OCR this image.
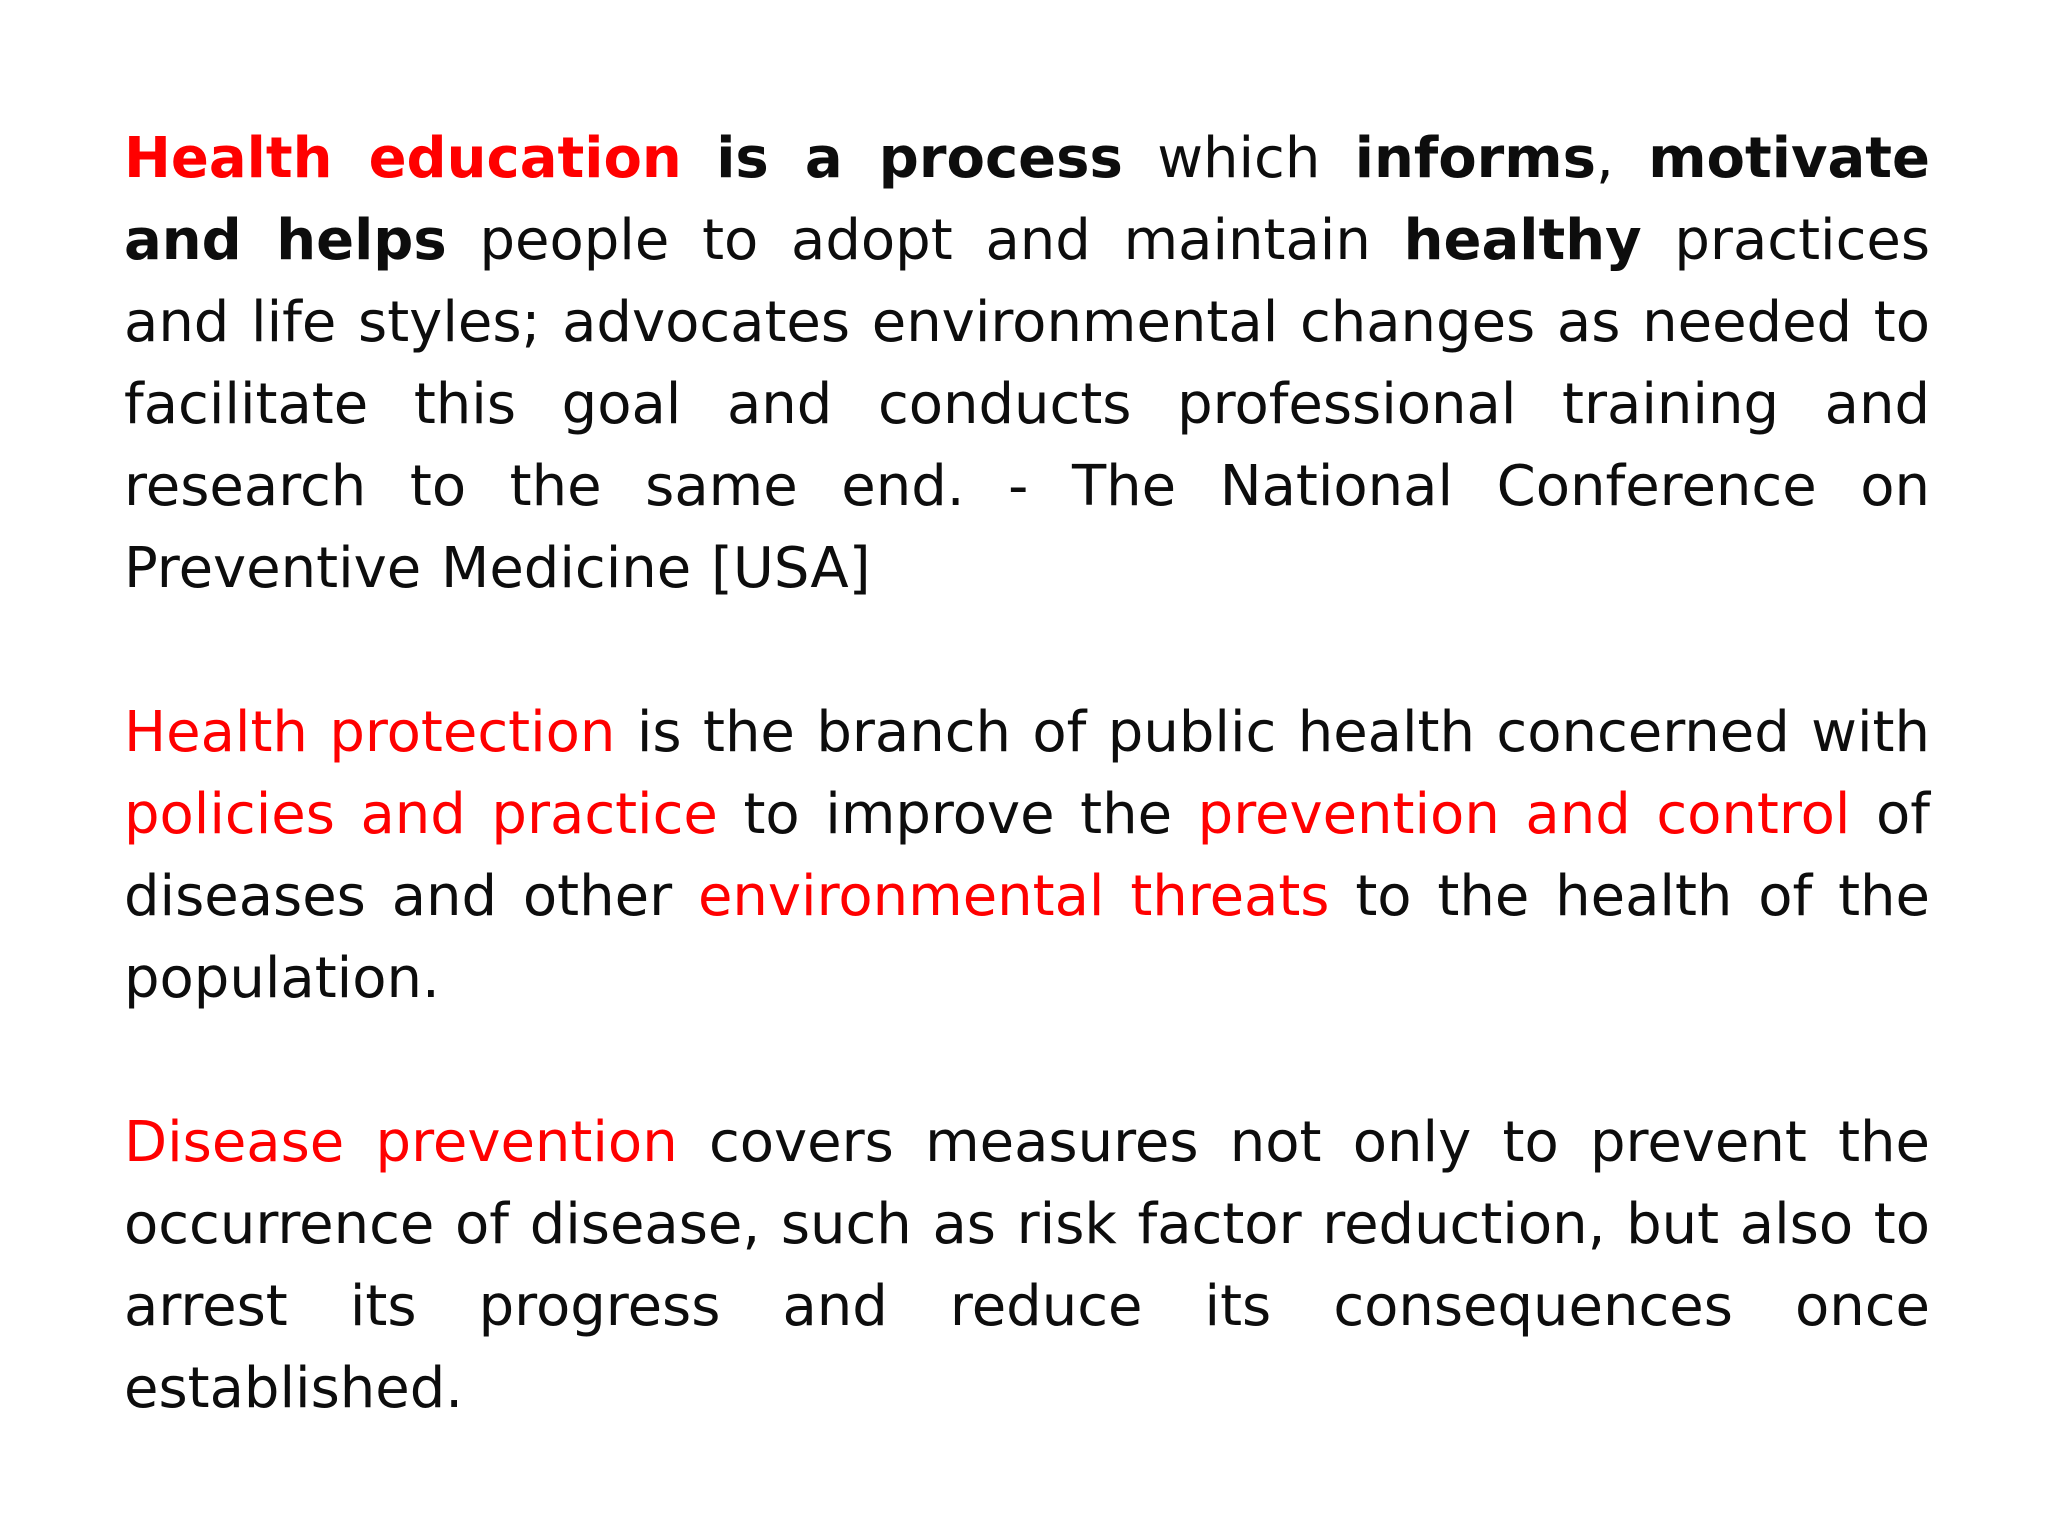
Health education is a process which informs, motivate and helps people to adopt and maintain healthy practices and life styles; advocates environmental changes as needed to facilitate this goal and conducts professional training and research to the same end. - The National Conference on Preventive Medicine [USA]

Health protection is the branch of public health concerned with policies and practice to improve the prevention and control of diseases and other environmental threats to the health of the population.

Disease prevention covers measures not only to prevent the occurrence of disease, such as risk factor reduction, but also to arrest its progress and reduce its consequences once established.
